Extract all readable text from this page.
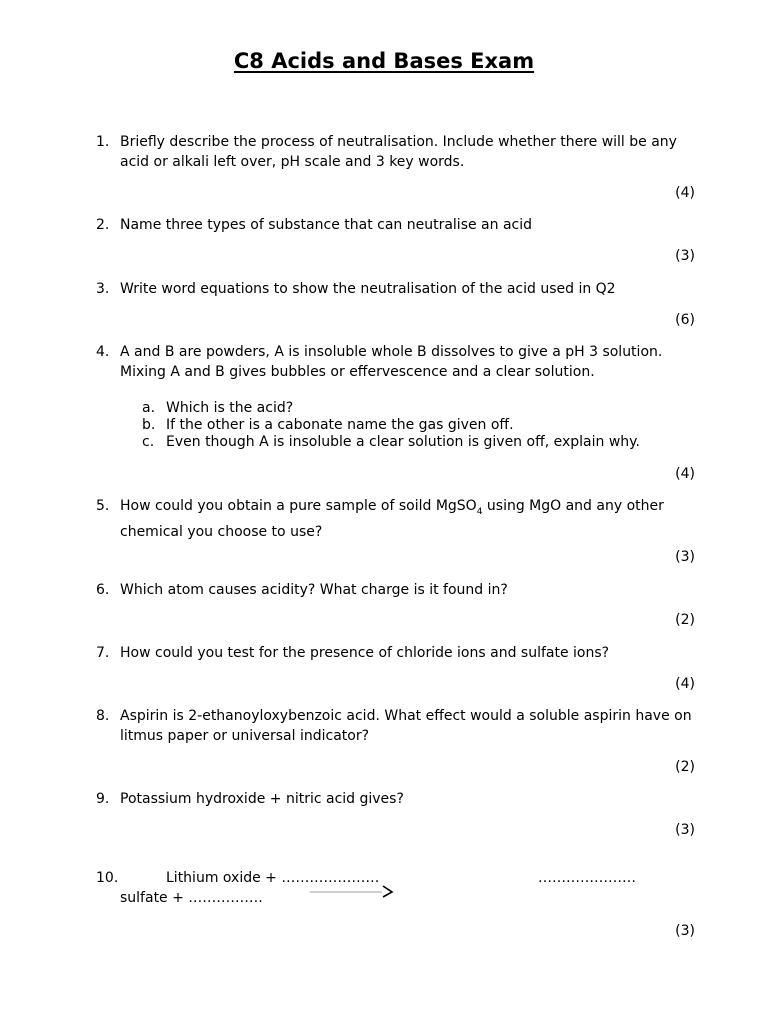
C8 Acids and Bases Exam
1. Briefly describe the process of neutralisation. Include whether there will be any acid or alkali left over, pH scale and 3 key words.
(4)
2. Name three types of substance that can neutralise an acid
(3)
3. Write word equations to show the neutralisation of the acid used in Q2
(6)
4. A and B are powders, A is insoluble whole B dissolves to give a pH 3 solution. Mixing A and B gives bubbles or effervescence and a clear solution.
a. Which is the acid?
b. If the other is a cabonate name the gas given off.
c. Even though A is insoluble a clear solution is given off, explain why.
(4)
5. How could you obtain a pure sample of soild MgSO$_4$ using MgO and any other chemical you choose to use?
(3)
6. Which atom causes acidity? What charge is it found in?
(2)
7. How could you test for the presence of chloride ions and sulfate ions?
(4)
8. Aspirin is 2-ethanoyloxybenzoic acid. What effect would a soluble aspirin have on litmus paper or universal indicator?
(2)
9. Potassium hydroxide + nitric acid gives?
(3)
10.	Lithium oxide + …………………	…………………
sulfate + …………….
(3)
